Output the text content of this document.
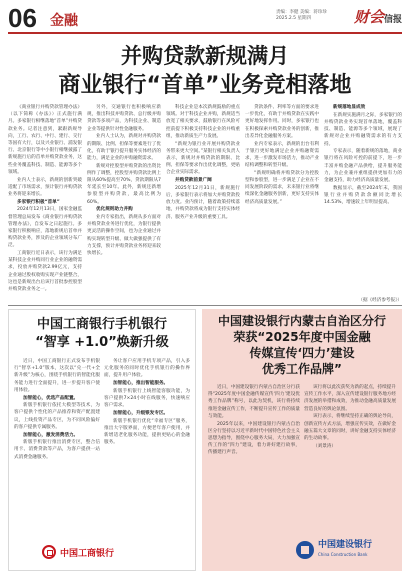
06 金融
责编：李健 美编：蒋珍珍
2025.2.5 星期四	财会信报
并购贷款新规满月
商业银行“首单”业务竞相落地

《商业银行并购贷款管理办法》（以下简称《办法》）正式施行满月。多家银行相继落地“首单”并购贷款业务。记者注意到，紧跟新规导向，工行、农行、中行、建行、交行等国有大行，以及兴业银行、浦发银行、北京银行等中小银行相继披露了新规施行后的首单并购贷款业务，这些业务覆盖科技、制造、能源等多个领域。

业内人士表示，新规的创新突破适配了市场需求，预计银行并购贷款业务将迎来增长。

多家银行积极“首单”

2024年12月13日，国家金融监督管理总局发布《商业银行并购贷款管理办法》，自发布之日起施行。多家银行积极响应，落地新规后首单并购贷款业务，涉及的企业领域分布广泛。

工商银行近日表示，该行为满足某科技企业并购同行业企业的融资需求，投放并购贷款2.99亿元，支持企业通过股权收购实现产业链整合，这也是新规出台后该行首批参控股型并购贷款业务之一。

另外，交通银行也积极响应新规，推出科技并购贷款、总行级并购贷款等多项产品，为科技企业、制造企业等提供针对性金融服务。

业内人士认为，新规对并购贷款的期限、比例、担保等要素进行了优化，有助于银行提升服务实体经济的能力，满足企业的并购融资需求。

新规对控股型并购贷款的出资比例作了调整，控股型并购贷款比例上限从60%提高至70%，贷款期限从7年延长至10年。此外，新规还新增参股型并购贷款，最高比例为60%。

优化规则助力并购

业内专家指出，新规从多方面对并购贷款业务进行优化，为银行提供更灵活的操作空间，也为企业通过并购实现转型升级、做大做强提供了有力支撑，预计并购贷款业务将迎来较快增长。

科技企业是本次新规鼓励的重点领域。对于科技企业并购，新规适当放宽了相关要求，鼓励银行在风险可控前提下积极支持科技企业的并购重组，推动新质生产力发展。

“新规为银行业开展并购贷款业务带来更大空间。”某银行相关负责人表示，新规对并购贷款的期限、比例、担保等要求作出优化调整，更贴合企业实际需求。

并购贷款前景广阔

2025年12月31日，新规施行后，多家银行表示将加大并购贷款投放力度。业内预计，随着政策持续落地，并购贷款将成为银行支持实体经济、服务产业升级的重要工具。

贷款条件、利率等方面的要求进一步优化，有助于并购贷款在实践中更好地发挥作用。同时，多家银行也在积极探索并购贷款业务的创新，推出差异化金融服务方案。

业内专家表示，新规的出台有利于银行更好地满足企业并购融资需求，进一步激发市场活力，推动产业结构调整和转型升级。

“新规明确将并购贷款分为控股型和参股型，进一步满足了企业在不同发展阶段的需求，未来银行业将继续深化金融服务创新，更好支持实体经济高质量发展。”

新规落地显成效

在新规实施满月之际，多家银行的并购贷款业务实现首单落地，覆盖科技、制造、能源等多个领域，展现了新规对企业并购融资需求的有力支持。

专家表示，随着新规的落地，商业银行将在风险可控的前提下，进一步丰富并购金融产品供给，提升服务能力，为企业兼并重组提供更加有力的金融支持，助力经济高质量发展。

数据显示，截至2024年末，我国银行业并购贷款余额同比增长14.53%，增速较上年明显提高。

（据《经济参考报》）
中国工商银行手机银行
“智享 +1.0”焕新升级

近日，中国工商银行正式发布手机银行“智享+1.0”版本，这次以“兑一代+全新升级”为核心，围绕手机银行的智能化服务能力进行全面提升，进一步提升客户使用体验。

加智能心，优选产品配置。

新版手机银行依托大模型等技术，为客户提供个性化的产品推荐和资产配置建议，上线投资产品专区，为不同风险偏好的客户提供专属服务。

加智能心，激发消费活力。

新版手机银行推出消费专区，整合信用卡、消费贷款等产品，为客户提供一站式消费金融服务。

务让客户应用手机专项产品，引入多元化服务的同时优化手机银行的操作界面，提升用户体验。

加智能心，推出智能服务。

新版手机银行上线智能客服功能，为客户提供7×24小时在线服务，快速响应客户需求。

加智能心，升级银发专区。

新版手机银行优化“幸福专区”服务，推出大字版界面，方便老年客户使用，并新增适老化服务功能，提供更贴心的金融服务。

中国工商银行
中国建设银行内蒙古自治区分行
荣获“2025年度中国金融
传媒宣传‘四力’建设
优秀工作品牌”

近日，中国建设银行内蒙古自治区分行获得“2025年度中国金融传媒宣传‘四力’建设优秀工作品牌”称号，以此为契机，该行将持续推进金融宣传工作，不断提升宣传工作的质量与效能。

2025年以来，中国建设银行内蒙古自治区分行坚持以习近平新时代中国特色社会主义思想为指导，围绕中心服务大局，大力加强宣传工作的“四力”建设，着力讲好建行故事，传播建行声音。

该行将以此次获奖为新的起点，持续提升宣传工作水平，深入宣传建设银行服务地方经济发展的举措和成效，为推动金融高质量发展营造良好的舆论氛围。

该行表示，将继续坚持正确的舆论导向，创新宣传方式方法，增强宣传实效，在做好金融五篇大文章的同时，讲好金融支持实体经济的生动故事。

（刘景涛）

中国建设银行
China Construction Bank
